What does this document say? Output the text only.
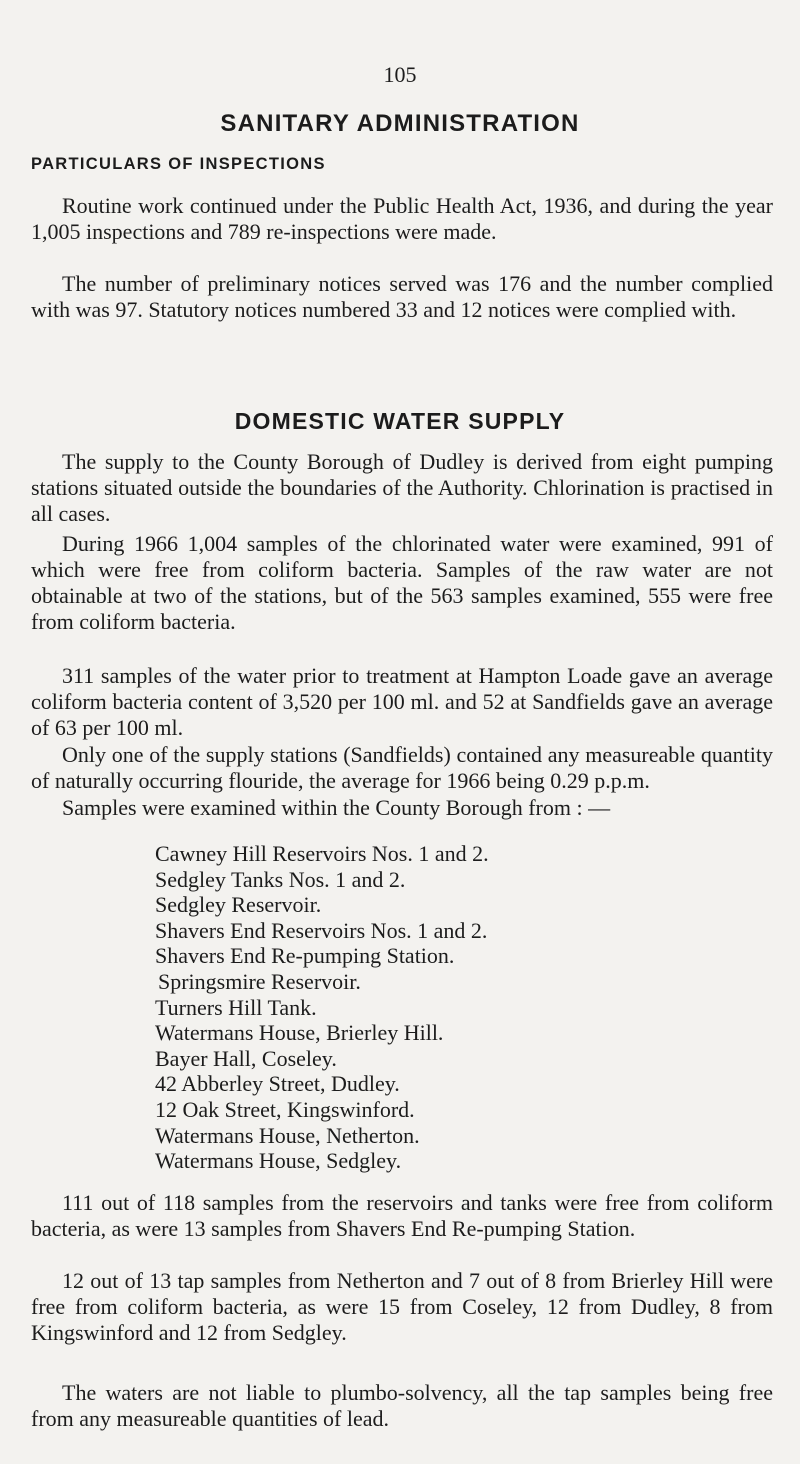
105
SANITARY ADMINISTRATION
PARTICULARS OF INSPECTIONS

Routine work continued under the Public Health Act, 1936, and during the year 1,005 inspections and 789 re-inspections were made.

The number of preliminary notices served was 176 and the number complied with was 97. Statutory notices numbered 33 and 12 notices were complied with.

DOMESTIC WATER SUPPLY

The supply to the County Borough of Dudley is derived from eight pumping stations situated outside the boundaries of the Authority. Chlorination is practised in all cases.

During 1966 1,004 samples of the chlorinated water were examined, 991 of which were free from coliform bacteria. Samples of the raw water are not obtainable at two of the stations, but of the 563 samples examined, 555 were free from coliform bacteria.

311 samples of the water prior to treatment at Hampton Loade gave an average coliform bacteria content of 3,520 per 100 ml. and 52 at Sandfields gave an average of 63 per 100 ml.

Only one of the supply stations (Sandfields) contained any measureable quantity of naturally occurring flouride, the average for 1966 being 0.29 p.p.m.

Samples were examined within the County Borough from : —

Cawney Hill Reservoirs Nos. 1 and 2.
Sedgley Tanks Nos. 1 and 2.
Sedgley Reservoir.
Shavers End Reservoirs Nos. 1 and 2.
Shavers End Re-pumping Station.
Springsmire Reservoir.
Turners Hill Tank.
Watermans House, Brierley Hill.
Bayer Hall, Coseley.
42 Abberley Street, Dudley.
12 Oak Street, Kingswinford.
Watermans House, Netherton.
Watermans House, Sedgley.

111 out of 118 samples from the reservoirs and tanks were free from coliform bacteria, as were 13 samples from Shavers End Re-pumping Station.

12 out of 13 tap samples from Netherton and 7 out of 8 from Brierley Hill were free from coliform bacteria, as were 15 from Coseley, 12 from Dudley, 8 from Kingswinford and 12 from Sedgley.

The waters are not liable to plumbo-solvency, all the tap samples being free from any measureable quantities of lead.
